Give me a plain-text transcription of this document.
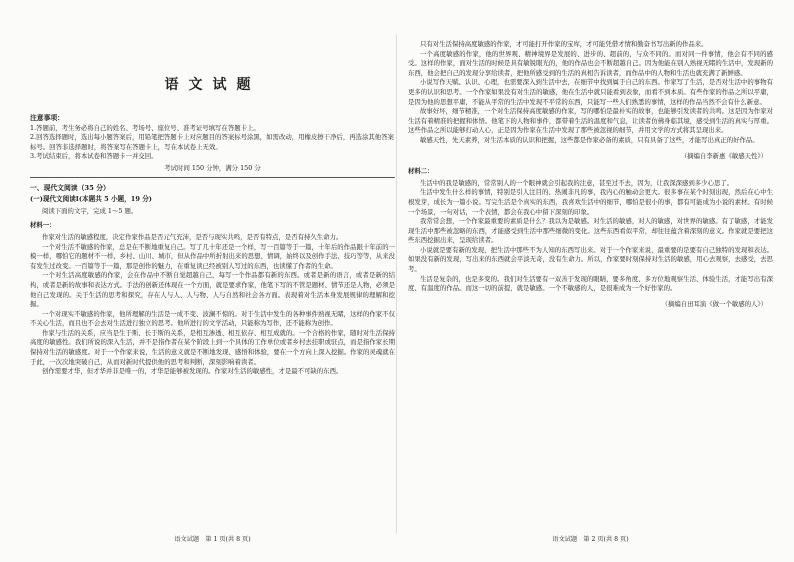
语文试题
注意事项：

1.答题前，考生务必将自己的姓名、考场号、座位号、准考证号填写在答题卡上。

2.回答选择题时，选出每小题答案后，用铅笔把答题卡上对应题目的答案标号涂黑，如需改动，用橡皮擦干净后，再选涂其他答案标号。回答非选择题时，将答案写在答题卡上，写在本试卷上无效。

3.考试结束后，将本试卷和答题卡一并交回。

考试时间 150 分钟，满分 150 分
一、现代文阅读（35 分）
(一)现代文阅读Ⅰ(本题共 5 小题，19 分)

阅读下面的文字，完成 1～5 题。

材料一：

作家对生活的敏感程度，决定作家作品是否元气充沛，是否与现实共鸣，是否有特点，是否有持久生命力。

一个对生活不敏感的作家，总是在不断地重复自己。写了几十年还是一个样，写一百篇等于一篇，十年后的作品跟十年前的一模一样，哪怕它的题材不一样，乡村、山川、城市，但从作品中所折射出来的思想、情调，始终以及创作手法、技巧等等，从来没有发生过改变。一百篇等于一篇，那是创作的魅力，在重复读已经被别人写过的东西，也读懂了作者的生命。

一个对生活高度敏感的作家，会在作品中不断自觉超越自己，每写一个作品都有新的东西。或者是新的语言，或者是新的结构，或者是新的故事和表达方式。手法的创新还体现在一个方面，就是要求作家，他笔下写的不管是题材、情节还是人物，必须是他自己发现的。关于生活的思考和探究，存在人与人、人与物、人与自然和社会各方面。表现着对生活本身发展规律的理解和挖掘。

一个对现实不敏感的作家，他所理解的生活是一成不变、波澜不惊的。对于生活中发生的各种事件熟视无睹，这样的作家不仅不关心生活，而且也不会去对生活进行独立的思考。他所进行的文学活动，只能称为写作，还不能称为创作。

作家与生活的关系，应当是生于斯、长于斯的关系，是相互渗透、相互依存、相互成就的。一个合格的作家，随时对生活保持高度的敏感性。我们所说的深入生活，并不是指作者在某个阶段上到一个具体的工作单位或者乡村去挂职或驻点，而是指作家长期保持对生活的敏感度。对于一个作家来说，生活的意义就是不断地发现、感悟和体验，要在一个方向上深入挖掘。作家的灵魂就在于此，一次次地突破自己，从而对新时代提供他的思考和判断，深刻影响着读者。

创作需要才华，但才华并非是唯一的，才华是能够被发现的。作家对生活的敏感性，才是最不可缺的东西。

只有对生活保持高度敏感的作家，才可能打开作家的宝库，才可能凭借才情和勤奋书写出新的作品来。

一个高度敏感的作家，他的世界观、精神境界是发展的、进步的、超前的，与众不同的。而对同一件事情，他会有不同的感受。这样的作家，面对生活的时候是具有敏锐眼光的，他的作品也会不断超越自己。因为他能在别人熟视无睹的生活中，发现新的东西，他会把自己的发现分享给读者，把他所感受到的生活的真相告诉读者，而作品中的人物和生活也就充满了新鲜感。

小说写作天赋、认识、心理，也需要深入到生活中去，在细节中找到属于自己的东西。作家写了生活，是否对生活中的事物有更多的认识和思考。一个作家如果没有对生活的敏感，他在生活中就只能看到表象，而看不到本质。有些作家的作品之所以平庸，是因为他的思想平庸，不能从平常的生活中发现不平常的东西，只能写一些人们熟悉的事情，这样的作品当然不会有什么新意。

故事好坏，细节精准，一个对生活保持高度敏感的作家，写的哪怕是最朴实的故事，也能够引发读者的共鸣。这是因为作家对生活有着精准的把握和体悟。他笔下的人物和事件，都带着生活的温度和气息，让读者仿佛身临其境，感受到生活的真实与厚重。这些作品之所以能够打动人心，正是因为作家在生活中发现了那些被忽视的细节，并用文学的方式将其呈现出来。

敏感天性，先天素养，对生活本质的认识和把握，这些都是作家必备的素质，只有具备了这些，才能写出真正的好作品。

（摘编自李新惠《敏感天性》）
材料二：

生活中的我是敏感的，常常别人的一个眼神就会引起我的注意，甚至过不去，因为，让我深深感到多少心思了。

生活中发生什么样的事情，特别是引人注目的、热闹非凡的事，我内心的触动会更大。很多事在某个时刻出现，然后在心中生根发芽，成长为一篇小说。写完生活是个真实的东西，我喜欢生活中的细节，哪怕是很小的事，都有可能成为小说的素材。有时候一个场景，一句对话，一个表情，都会在我心中留下深刻的印象。

我常常会想，一个作家最重要的素质是什么？我以为是敏感。对生活的敏感，对人的敏感，对世界的敏感。有了敏感，才能发现生活中那些被忽略的东西，才能感受到生活中那些细微的变化。这些东西看似平常，却往往蕴含着深刻的意义。作家就是要把这些东西挖掘出来，呈现给读者。

小说就是要有新的发现，把生活中那些不为人知的东西写出来。对于一个作家来说，最重要的是要有自己独特的发现和表达。如果没有新的发现，写出来的东西就会平淡无奇，没有生命力。所以，作家要时刻保持对生活的敏感，用心去观察，去感受，去思考。

生活是复杂的，也是多变的。我们对生活要有一双善于发现的眼睛，要多角度、多方位地观察生活、体验生活，才能写出有深度、有温度的作品。而这一切的前提，就是敏感。一个不敏感的人，是很难成为一个好作家的。

（摘编自田耳演《做一个敏感的人》）
语文试题　第 1 页(共 8 页)	语文试题　第 2 页(共 8 页)
